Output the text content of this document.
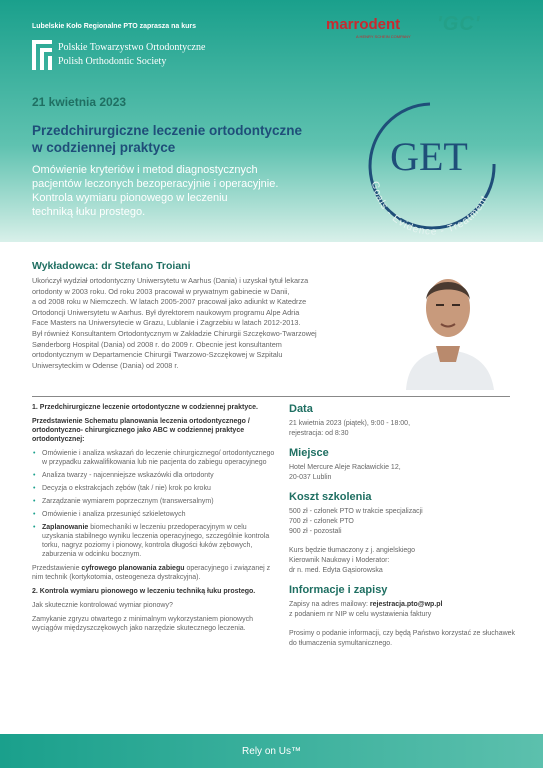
Lubelskie Koło Regionalne PTO zaprasza na kurs
Polskie Towarzystwo Ortodontyczne
Polish Orthodontic Society
marrodent
A HENRY SCHEIN COMPANY
'GC'
21 kwietnia 2023
Przedchirurgiczne leczenie ortodontyczne
w codziennej praktyce
Omówienie kryteriów i metod diagnostycznych
pacjentów leczonych bezoperacyjnie i operacyjnie.
Kontrola wymiaru pionowego w leczeniu
techniką łuku prostego.
GET
Goals - Evidence - Treatment
Wykładowca: dr Stefano Troiani
Ukończył wydział ortodontyczny Uniwersytetu w Aarhus (Dania) i uzyskał tytuł lekarza
ortodonty w 2003 roku. Od roku 2003 pracował w prywatnym gabinecie w Danii,
a od 2008 roku w Niemczech. W latach 2005-2007 pracował jako adiunkt w Katedrze
Ortodoncji Uniwersytetu w Aarhus. Był dyrektorem naukowym programu Alpe Adria
Face Masters na Uniwersytecie w Grazu, Lublanie i Zagrzebiu w latach 2012-2013.
Był również Konsultantem Ortodontycznym w Zakładzie Chirurgii Szczękowo-Twarzowej
Sønderborg Hospital (Dania) od 2008 r. do 2009 r. Obecnie jest konsultantem
ortodontycznym w Departamencie Chirurgii Twarzowo-Szczękowej w Szpitalu
Uniwersyteckim w Odense (Dania) od 2008 r.
1. Przedchirurgiczne leczenie ortodontyczne w codziennej praktyce.
Przedstawienie Schematu planowania leczenia ortodontycznego / ortodontyczno- chirurgicznego jako ABC w codziennej praktyce ortodontycznej:
• Omówienie i analiza wskazań do leczenie chirurgicznego/ ortodontycznego w przypadku zakwalifikowania lub nie pacjenta do zabiegu operacyjnego
• Analiza twarzy - najcenniejsze wskazówki dla ortodonty
• Decyzja o ekstrakcjach zębów (tak / nie) krok po kroku
• Zarządzanie wymiarem poprzecznym (transwersalnym)
• Omówienie i analiza przesunięć szkieletowych
• Zaplanowanie biomechaniki w leczeniu przedoperacyjnym w celu uzyskania stabilnego wyniku leczenia operacyjnego, szczególnie kontrola torku, nagryz poziomy i pionowy, kontrola długości łuków zębowych, zaburzenia w odcinku bocznym.
Przedstawienie cyfrowego planowania zabiegu operacyjnego i związanej z nim technik (kortykotomia, osteogeneza dystrakcyjna).
2. Kontrola wymiaru pionowego w leczeniu techniką łuku prostego.
Jak skutecznie kontrolować wymiar pionowy?
Zamykanie zgryzu otwartego z minimalnym wykorzystaniem pionowych wyciągów międzyszczękowych jako narzędzie skutecznego leczenia.
Data
21 kwietnia 2023 (piątek), 9:00 - 18:00,
rejestracja: od 8:30
Miejsce
Hotel Mercure Aleje Racławickie 12,
20-037 Lublin
Koszt szkolenia
500 zł - członek PTO w trakcie specjalizacji
700 zł - członek PTO
900 zł - pozostali
Kurs będzie tłumaczony z j. angielskiego
Kierownik Naukowy i Moderator:
dr n. med. Edyta Gąsiorowska
Informacje i zapisy
Zapisy na adres mailowy: rejestracja.pto@wp.pl
z podaniem nr NIP w celu wystawienia faktury
Prosimy o podanie informacji, czy będą Państwo korzystać ze słuchawek do tłumaczenia symultanicznego.
Rely on Us™
